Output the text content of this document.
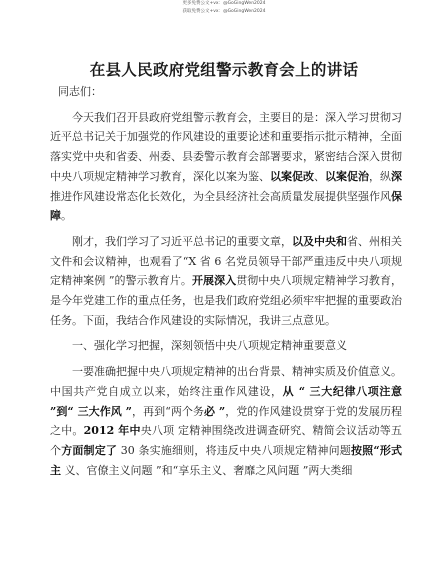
更多免费公文+vx：@GoGingWen2024
获取免费公文+vx：@GoGingWen2024
在县人民政府党组警示教育会上的讲话

同志们：

今天我们召开县政府党组警示教育会，主要目的是：深入学习贯彻习近平总书记关于加强党的作风建设的重要论述和重要指示批示精神，全面落实党中央和省委、州委、县委警示教育会部署要求，紧密结合深入贯彻中央八项规定精神学习教育，深化以案为鉴、以案促改、以案促治，纵深推进作风建设常态化长效化，为全县经济社会高质量发展提供坚强作风保障。

刚才，我们学习了习近平总书记的重要文章，以及中央和省、州相关文件和会议精神，也观看了“X 省 6 名党员领导干部严重违反中央八项规定精神案例 ”的警示教育片。开展深入贯彻中央八项规定精神学习教育，是今年党建工作的重点任务，也是我们政府党组必须牢牢把握的重要政治任务。下面，我结合作风建设的实际情况，我讲三点意见。

一、强化学习把握，深刻领悟中央八项规定精神重要意义

一要准确把握中央八项规定精神的出台背景、精神实质及价值意义。 中国共产党自成立以来，始终注重作风建设，从 “ 三大纪律八项注意 ”到“ 三大作风 ”，再到“两个务必 ”，党的作风建设贯穿于党的发展历程之中。2012 年中央八项 定精神围绕改进调查研究、精简会议活动等五个方面制定了 30 条实施细则，将违反中央八项规定精神问题按照“形式主 义、官僚主义问题 ”和“享乐主义、奢靡之风问题 ”两大类细
